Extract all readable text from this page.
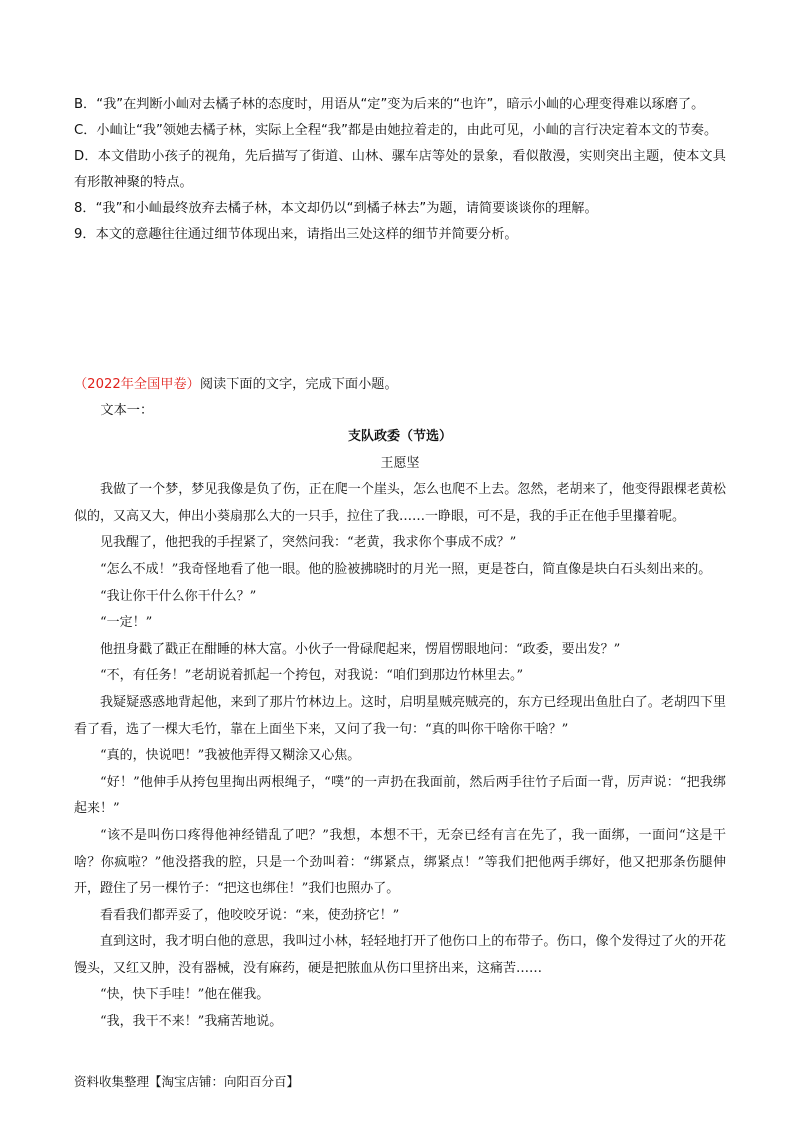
B．“我”在判断小屾对去橘子林的态度时，用语从“定”变为后来的“也许”，暗示小屾的心理变得难以琢磨了。

C．小屾让“我”领她去橘子林，实际上全程“我”都是由她拉着走的，由此可见，小屾的言行决定着本文的节奏。

D．本文借助小孩子的视角，先后描写了街道、山林、骡车店等处的景象，看似散漫，实则突出主题，使本文具有形散神聚的特点。

8．“我”和小屾最终放弃去橘子林，本文却仍以“到橘子林去”为题，请简要谈谈你的理解。

9．本文的意趣往往通过细节体现出来，请指出三处这样的细节并简要分析。

（2022年全国甲卷）阅读下面的文字，完成下面小题。

文本一：

支队政委（节选）

王愿坚

我做了一个梦，梦见我像是负了伤，正在爬一个崖头，怎么也爬不上去。忽然，老胡来了，他变得跟棵老黄松似的，又高又大，伸出小葵扇那么大的一只手，拉住了我……一睁眼，可不是，我的手正在他手里攥着呢。

见我醒了，他把我的手捏紧了，突然问我：“老黄，我求你个事成不成？”

“怎么不成！”我奇怪地看了他一眼。他的脸被拂晓时的月光一照，更是苍白，简直像是块白石头刻出来的。

“我让你干什么你干什么？”

“一定！”

他扭身戳了戳正在酣睡的林大富。小伙子一骨碌爬起来，愣眉愣眼地问：“政委，要出发？”

“不，有任务！”老胡说着抓起一个挎包，对我说：“咱们到那边竹林里去。”

我疑疑惑惑地背起他，来到了那片竹林边上。这时，启明星贼亮贼亮的，东方已经现出鱼肚白了。老胡四下里看了看，选了一棵大毛竹，靠在上面坐下来，又问了我一句：“真的叫你干啥你干啥？”

“真的，快说吧！”我被他弄得又糊涂又心焦。

“好！”他伸手从挎包里掏出两根绳子，“噗”的一声扔在我面前，然后两手往竹子后面一背，厉声说：“把我绑起来！”

“该不是叫伤口疼得他神经错乱了吧？”我想，本想不干，无奈已经有言在先了，我一面绑，一面问“这是干啥？你疯啦？”他没搭我的腔，只是一个劲叫着：“绑紧点，绑紧点！”等我们把他两手绑好，他又把那条伤腿伸开，蹬住了另一棵竹子：“把这也绑住！”我们也照办了。

看看我们都弄妥了，他咬咬牙说：“来，使劲挤它！”

直到这时，我才明白他的意思，我叫过小林，轻轻地打开了他伤口上的布带子。伤口，像个发得过了火的开花馒头，又红又肿，没有器械，没有麻药，硬是把脓血从伤口里挤出来，这痛苦……

“快，快下手哇！”他在催我。

“我，我干不来！”我痛苦地说。

资料收集整理【淘宝店铺：向阳百分百】
